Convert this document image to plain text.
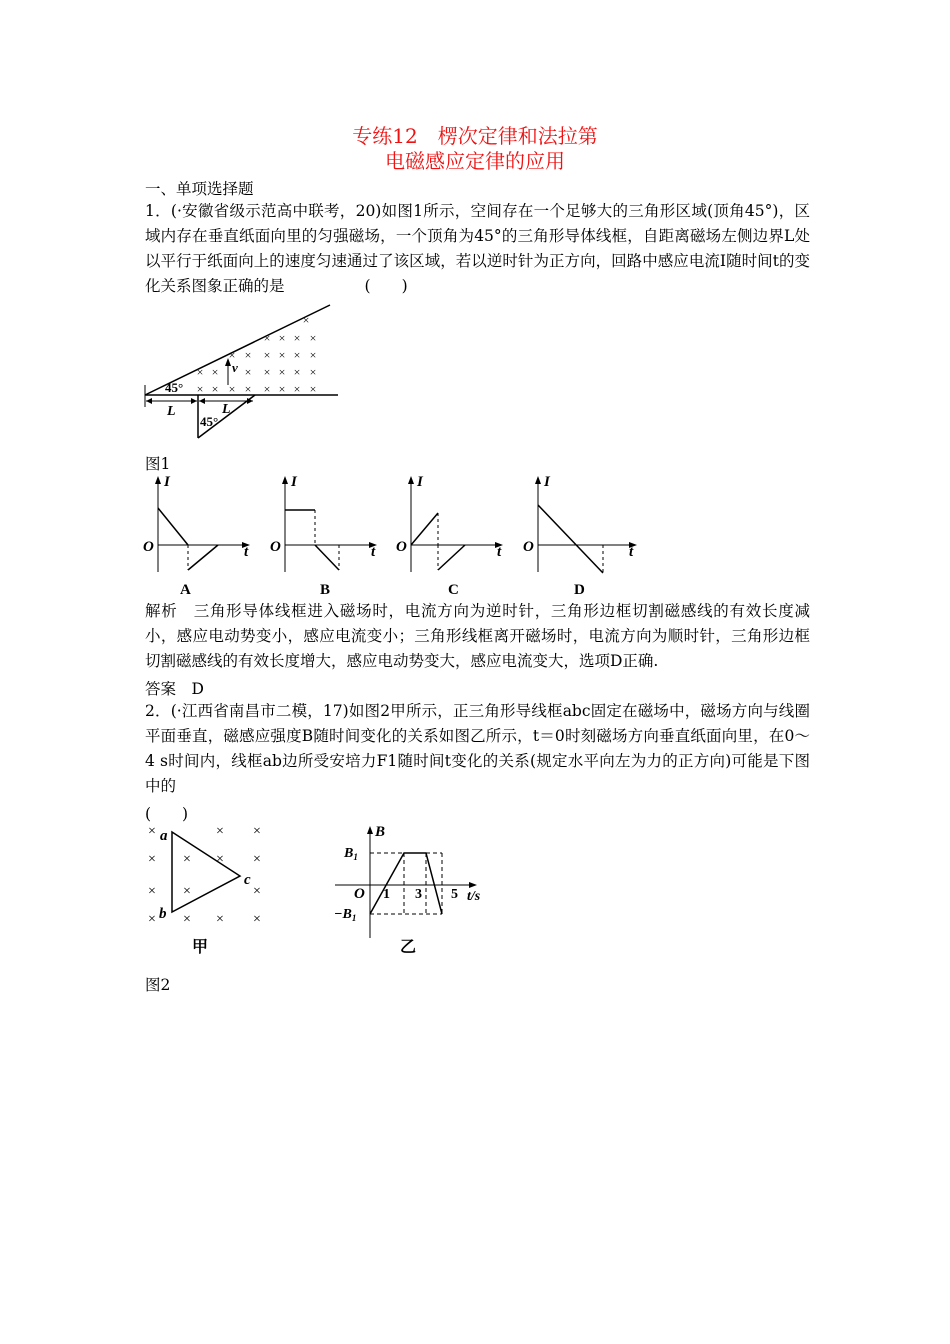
专练12　楞次定律和法拉第
电磁感应定律的应用
一、单项选择题
1．(·安徽省级示范高中联考，20)如图1所示，空间存在一个足够大的三角形区域(顶角45°)，区域内存在垂直纸面向里的匀强磁场，一个顶角为45°的三角形导体线框，自距离磁场左侧边界L处以平行于纸面向上的速度匀速通过了该区域，若以逆时针为正方向，回路中感应电流I随时间t的变化关系图象正确的是	(　　)
×
× × × ×
× × × × × ×
× × × × × × ×
× × × × × × × ×
v
45°
L	L
45°
图1
I
O	t
A
I
O	t
B
I
O	t
C
I
O	t
D
解析　三角形导体线框进入磁场时，电流方向为逆时针，三角形边框切割磁感线的有效长度减小，感应电动势变小，感应电流变小；三角形线框离开磁场时，电流方向为顺时针，三角形边框切割磁感线的有效长度增大，感应电动势变大，感应电流变大，选项D正确.
答案　D
2．(·江西省南昌市二模，17)如图2甲所示，正三角形导线框abc固定在磁场中，磁场方向与线圈平面垂直，磁感应强度B随时间变化的关系如图乙所示，t＝0时刻磁场方向垂直纸面向里，在0～4 s时间内，线框ab边所受安培力F1随时间t变化的关系(规定水平向左为力的正方向)可能是下图中的
(　　)
×	× ×
× × × ×
× ×	×
× × × ×
a
b
c
甲
B
$B_1$
$-B_1$
O 1 3 5 t/s
乙
图2
